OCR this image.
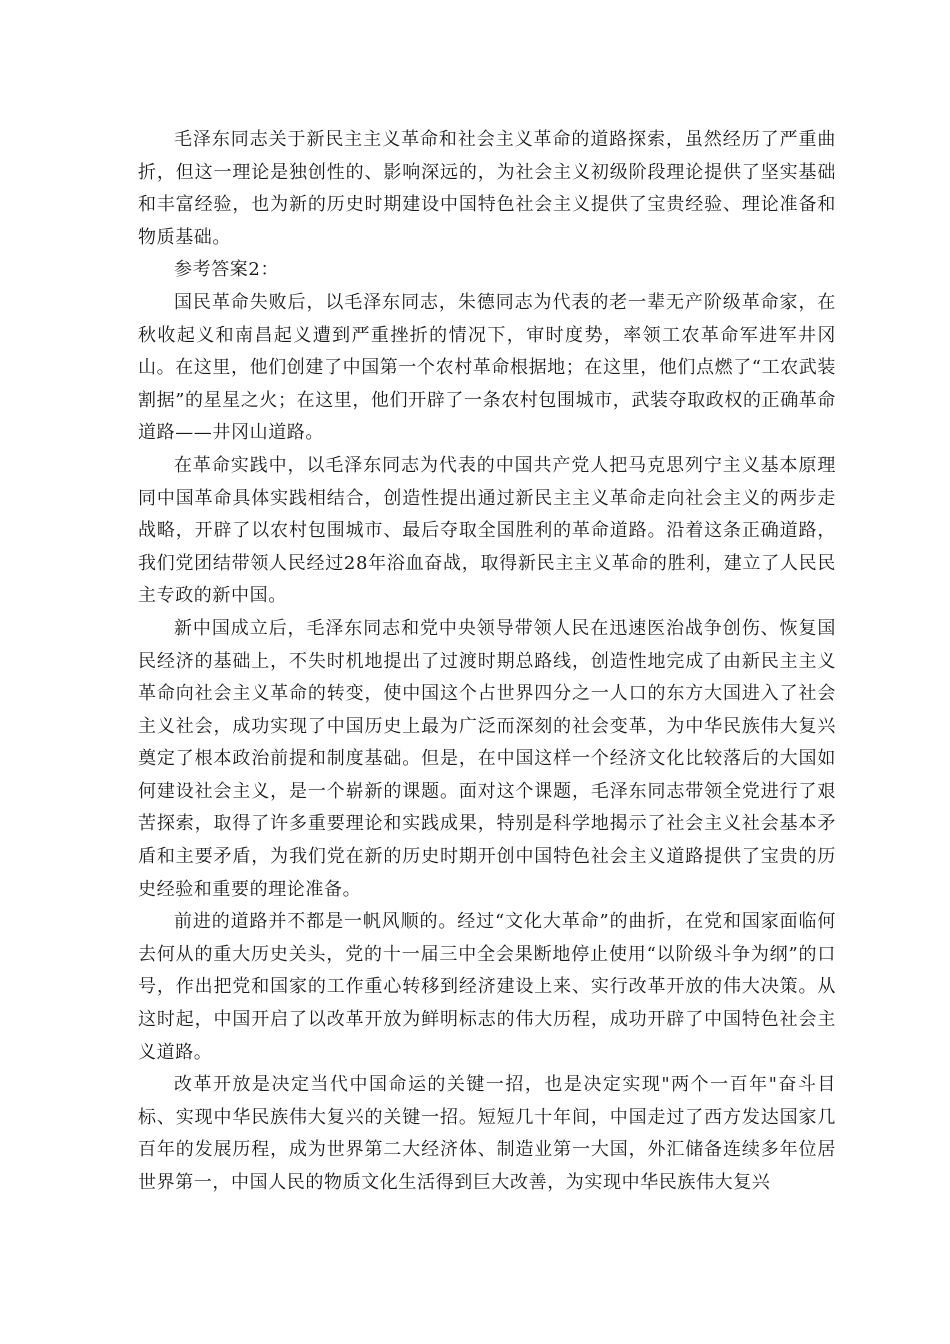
毛泽东同志关于新民主主义革命和社会主义革命的道路探索，虽然经历了严重曲折，但这一理论是独创性的、影响深远的，为社会主义初级阶段理论提供了坚实基础和丰富经验，也为新的历史时期建设中国特色社会主义提供了宝贵经验、理论准备和物质基础。

参考答案2：

国民革命失败后，以毛泽东同志，朱德同志为代表的老一辈无产阶级革命家，在秋收起义和南昌起义遭到严重挫折的情况下，审时度势，率领工农革命军进军井冈山。在这里，他们创建了中国第一个农村革命根据地；在这里，他们点燃了“工农武装割据”的星星之火；在这里，他们开辟了一条农村包围城市，武装夺取政权的正确革命道路——井冈山道路。

在革命实践中，以毛泽东同志为代表的中国共产党人把马克思列宁主义基本原理同中国革命具体实践相结合，创造性提出通过新民主主义革命走向社会主义的两步走战略，开辟了以农村包围城市、最后夺取全国胜利的革命道路。沿着这条正确道路，我们党团结带领人民经过28年浴血奋战，取得新民主主义革命的胜利，建立了人民民主专政的新中国。

新中国成立后，毛泽东同志和党中央领导带领人民在迅速医治战争创伤、恢复国民经济的基础上，不失时机地提出了过渡时期总路线，创造性地完成了由新民主主义革命向社会主义革命的转变，使中国这个占世界四分之一人口的东方大国进入了社会主义社会，成功实现了中国历史上最为广泛而深刻的社会变革，为中华民族伟大复兴奠定了根本政治前提和制度基础。但是，在中国这样一个经济文化比较落后的大国如何建设社会主义，是一个崭新的课题。面对这个课题，毛泽东同志带领全党进行了艰苦探索，取得了许多重要理论和实践成果，特别是科学地揭示了社会主义社会基本矛盾和主要矛盾，为我们党在新的历史时期开创中国特色社会主义道路提供了宝贵的历史经验和重要的理论准备。

前进的道路并不都是一帆风顺的。经过“文化大革命”的曲折，在党和国家面临何去何从的重大历史关头，党的十一届三中全会果断地停止使用“以阶级斗争为纲”的口号，作出把党和国家的工作重心转移到经济建设上来、实行改革开放的伟大决策。从这时起，中国开启了以改革开放为鲜明标志的伟大历程，成功开辟了中国特色社会主义道路。

改革开放是决定当代中国命运的关键一招，也是决定实现"两个一百年"奋斗目标、实现中华民族伟大复兴的关键一招。短短几十年间，中国走过了西方发达国家几百年的发展历程，成为世界第二大经济体、制造业第一大国，外汇储备连续多年位居世界第一，中国人民的物质文化生活得到巨大改善，为实现中华民族伟大复兴
